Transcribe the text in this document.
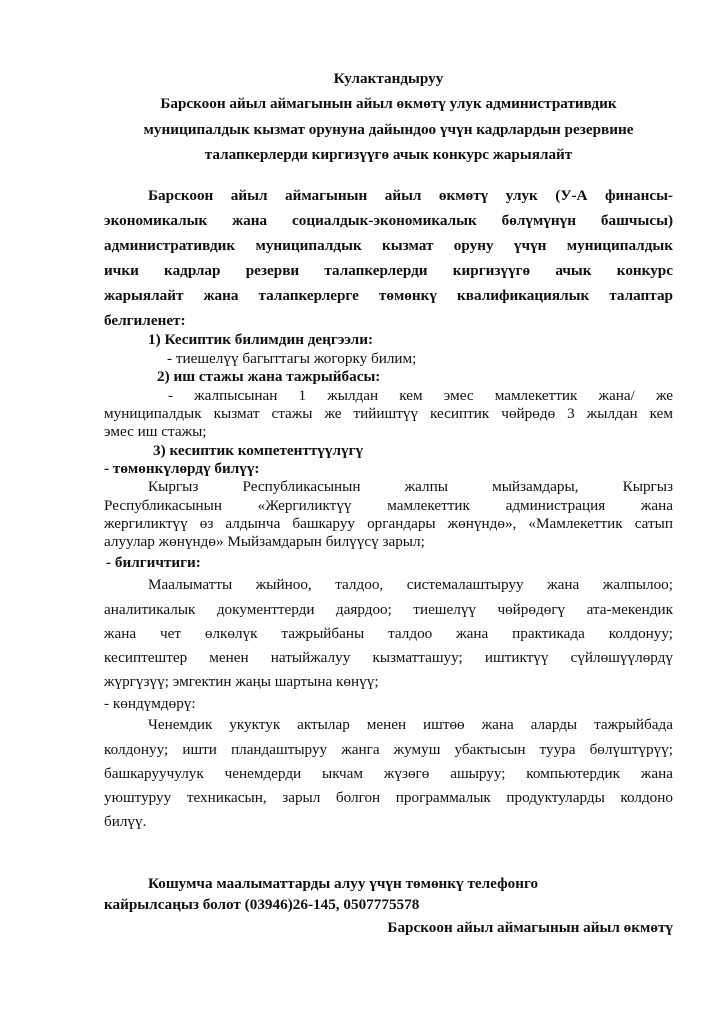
Кулактандыруу
Барскоон айыл аймагынын айыл өкмөтү улук административдик
муниципалдык кызмат орунуна дайындоо үчүн кадрлардын резервине
талапкерлерди киргизүүгө ачык конкурс жарыялайт
Барскоон айыл аймагынын айыл өкмөтү улук (У-А финансы-
экономикалык жана социалдык-экономикалык бөлүмүнүн башчысы)
административдик муниципалдык кызмат оруну үчүн муниципалдык
ички кадрлар резерви талапкерлерди киргизүүгө ачык конкурс
жарыялайт жана талапкерлерге төмөнкү квалификациялык талаптар
белгиленет:
1) Кесиптик билимдин деңгээли:
- тиешелүү багыттагы жогорку билим;
2) иш стажы жана тажрыйбасы:
- жалпысынан 1 жылдан кем эмес мамлекеттик жана/ же
муниципалдык кызмат стажы же тийиштүү кесиптик чөйрөдө 3 жылдан кем
эмес иш стажы;
3) кесиптик компетенттүүлүгү
- төмөнкүлөрдү билүү:
Кыргыз Республикасынын жалпы мыйзамдары, Кыргыз
Республикасынын «Жергиликтүү мамлекеттик администрация жана
жергиликтүү өз алдынча башкаруу органдары жөнүндө», «Мамлекеттик сатып
алуулар жөнүндө» Мыйзамдарын билүүсү зарыл;
- билгичтиги:
Маалыматты жыйноо, талдоо, системалаштыруу жана жалпылоо;
аналитикалык документтерди даярдоо; тиешелүү чөйрөдөгү ата-мекендик
жана чет өлкөлүк тажрыйбаны талдоо жана практикада колдонуу;
кесиптештер менен натыйжалуу кызматташуу; иштиктүү сүйлөшүүлөрдү
жүргүзүү; эмгектин жаңы шартына көнүү;
- көндүмдөрү:
Ченемдик укуктук актылар менен иштөө жана аларды тажрыйбада
колдонуу; ишти пландаштыруу жанга жумуш убактысын туура бөлүштүрүү;
башкаруучулук ченемдерди ыкчам жүзөгө ашыруу; компьютердик жана
уюштуруу техникасын, зарыл болгон программалык продуктуларды колдоно
билүү.
Кошумча маалыматтарды алуу үчүн төмөнкү телефонго
кайрылсаңыз болот (03946)26-145, 0507775578
Барскоон айыл аймагынын айыл өкмөтү
